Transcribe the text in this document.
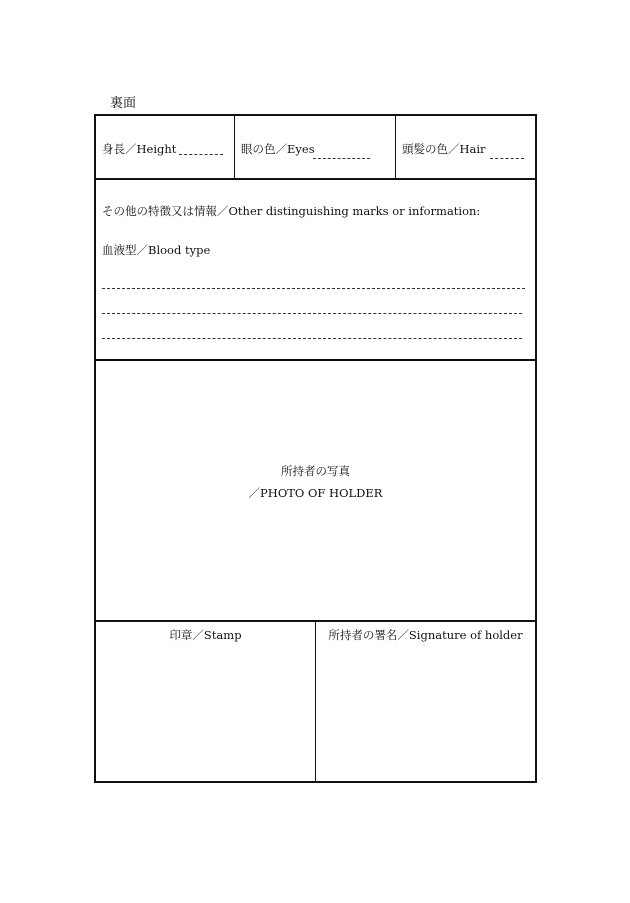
裏面
身長／Height	眼の色／Eyes	頭髪の色／Hair
その他の特徴又は情報／Other distinguishing marks or information:
血液型／Blood type
所持者の写真
／PHOTO OF HOLDER
印章／Stamp	所持者の署名／Signature of holder
